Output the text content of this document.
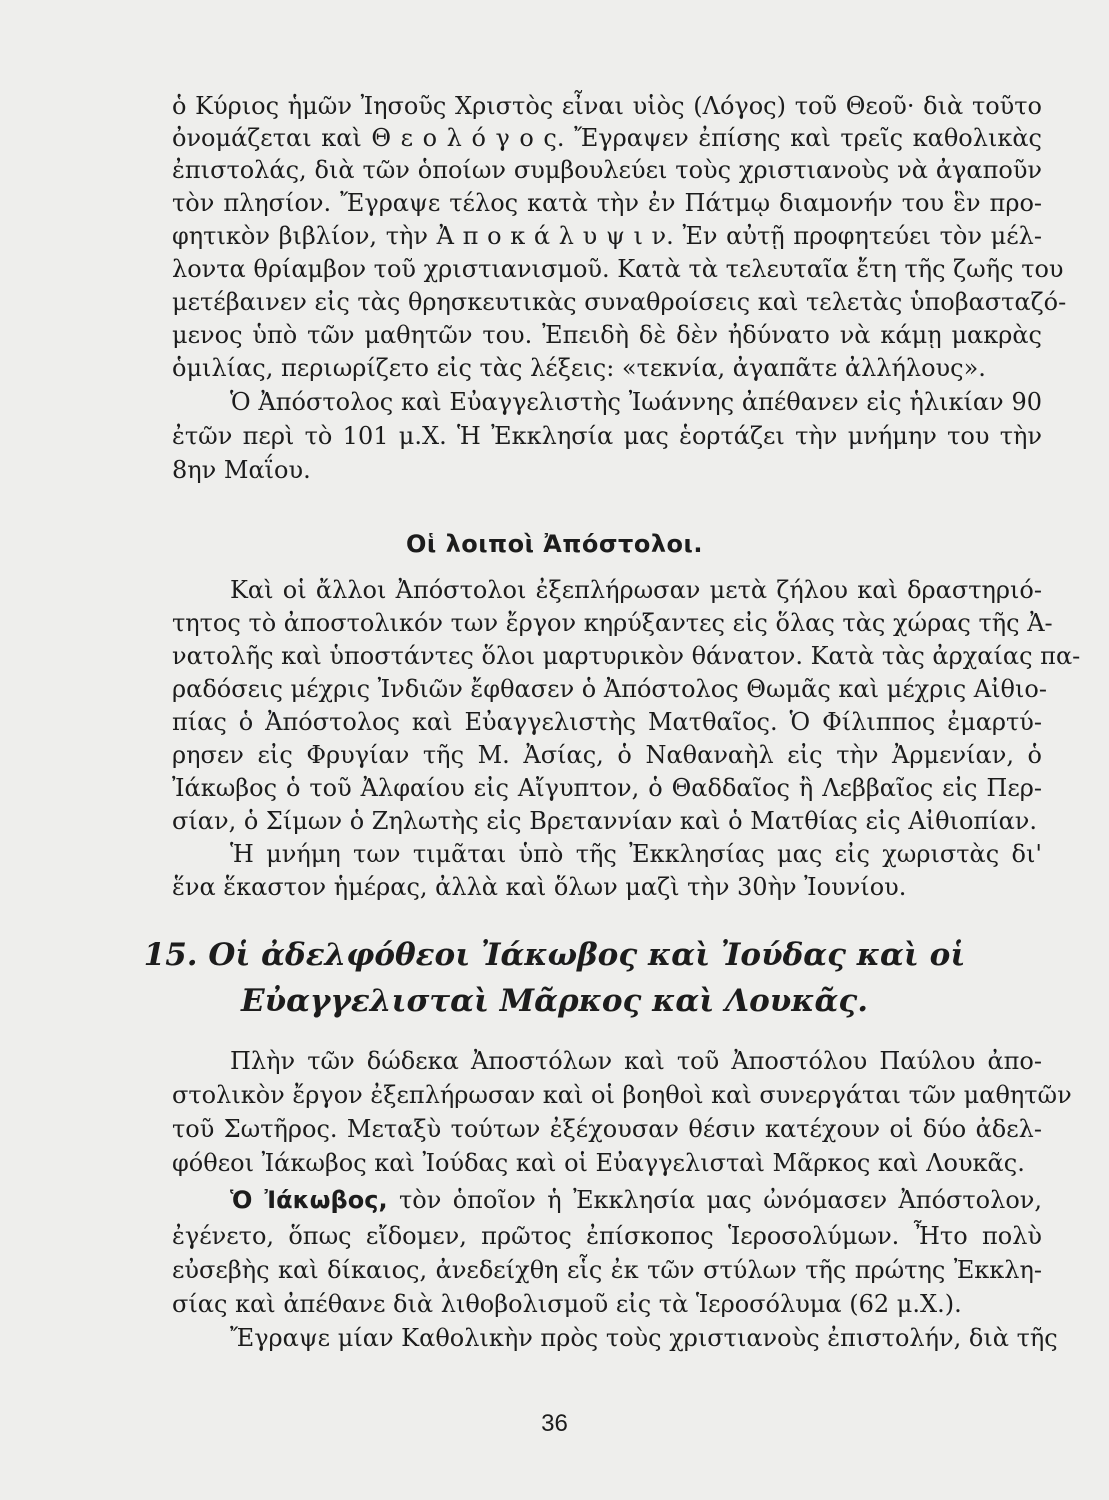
ὁ Κύριος ἡμῶν Ἰησοῦς Χριστὸς εἶναι υἱὸς (Λόγος) τοῦ Θεοῦ· διὰ τοῦτο
ὀνομάζεται καὶ Θ ε ο λ ό γ ο ς. Ἔγραψεν ἐπίσης καὶ τρεῖς καθολικὰς
ἐπιστολάς, διὰ τῶν ὁποίων συμβουλεύει τοὺς χριστιανοὺς νὰ ἀγαποῦν
τὸν πλησίον. Ἔγραψε τέλος κατὰ τὴν ἐν Πάτμῳ διαμονήν του ἓν προ-
φητικὸν βιβλίον, τὴν Ἀ π ο κ ά λ υ ψ ι ν. Ἐν αὐτῇ προφητεύει τὸν μέλ-
λοντα θρίαμβον τοῦ χριστιανισμοῦ. Κατὰ τὰ τελευταῖα ἔτη τῆς ζωῆς του
μετέβαινεν εἰς τὰς θρησκευτικὰς συναθροίσεις καὶ τελετὰς ὑποβασταζό-
μενος ὑπὸ τῶν μαθητῶν του. Ἐπειδὴ δὲ δὲν ἠδύνατο νὰ κάμῃ μακρὰς
ὁμιλίας, περιωρίζετο εἰς τὰς λέξεις: «τεκνία, ἀγαπᾶτε ἀλλήλους».
Ὁ Ἀπόστολος καὶ Εὐαγγελιστὴς Ἰωάννης ἀπέθανεν εἰς ἡλικίαν 90
ἐτῶν περὶ τὸ 101 μ.Χ. Ἡ Ἐκκλησία μας ἑορτάζει τὴν μνήμην του τὴν
8ην Μαΐου.
Οἱ λοιποὶ Ἀπόστολοι.
Καὶ οἱ ἄλλοι Ἀπόστολοι ἐξεπλήρωσαν μετὰ ζήλου καὶ δραστηριό-
τητος τὸ ἀποστολικόν των ἔργον κηρύξαντες εἰς ὅλας τὰς χώρας τῆς Ἀ-
νατολῆς καὶ ὑποστάντες ὅλοι μαρτυρικὸν θάνατον. Κατὰ τὰς ἀρχαίας πα-
ραδόσεις μέχρις Ἰνδιῶν ἔφθασεν ὁ Ἀπόστολος Θωμᾶς καὶ μέχρις Αἰθιο-
πίας ὁ Ἀπόστολος καὶ Εὐαγγελιστὴς Ματθαῖος. Ὁ Φίλιππος ἐμαρτύ-
ρησεν εἰς Φρυγίαν τῆς Μ. Ἀσίας, ὁ Ναθαναὴλ εἰς τὴν Ἀρμενίαν, ὁ
Ἰάκωβος ὁ τοῦ Ἀλφαίου εἰς Αἴγυπτον, ὁ Θαδδαῖος ἢ Λεββαῖος εἰς Περ-
σίαν, ὁ Σίμων ὁ Ζηλωτὴς εἰς Βρεταννίαν καὶ ὁ Ματθίας εἰς Αἰθιοπίαν.
Ἡ μνήμη των τιμᾶται ὑπὸ τῆς Ἐκκλησίας μας εἰς χωριστὰς δι'
ἕνα ἕκαστον ἡμέρας, ἀλλὰ καὶ ὅλων μαζὶ τὴν 30ὴν Ἰουνίου.
15. Οἱ ἀδελφόθεοι Ἰάκωβος καὶ Ἰούδας καὶ οἱ
Εὐαγγελισταὶ Μᾶρκος καὶ Λουκᾶς.
Πλὴν τῶν δώδεκα Ἀποστόλων καὶ τοῦ Ἀποστόλου Παύλου ἀπο-
στολικὸν ἔργον ἐξεπλήρωσαν καὶ οἱ βοηθοὶ καὶ συνεργάται τῶν μαθητῶν
τοῦ Σωτῆρος. Μεταξὺ τούτων ἐξέχουσαν θέσιν κατέχουν οἱ δύο ἀδελ-
φόθεοι Ἰάκωβος καὶ Ἰούδας καὶ οἱ Εὐαγγελισταὶ Μᾶρκος καὶ Λουκᾶς.
Ὁ Ἰάκωβος, τὸν ὁποῖον ἡ Ἐκκλησία μας ὠνόμασεν Ἀπόστολον,
ἐγένετο, ὅπως εἴδομεν, πρῶτος ἐπίσκοπος Ἱεροσολύμων. Ἦτο πολὺ
εὐσεβὴς καὶ δίκαιος, ἀνεδείχθη εἷς ἐκ τῶν στύλων τῆς πρώτης Ἐκκλη-
σίας καὶ ἀπέθανε διὰ λιθοβολισμοῦ εἰς τὰ Ἱεροσόλυμα (62 μ.Χ.).
Ἔγραψε μίαν Καθολικὴν πρὸς τοὺς χριστιανοὺς ἐπιστολήν, διὰ τῆς
36
